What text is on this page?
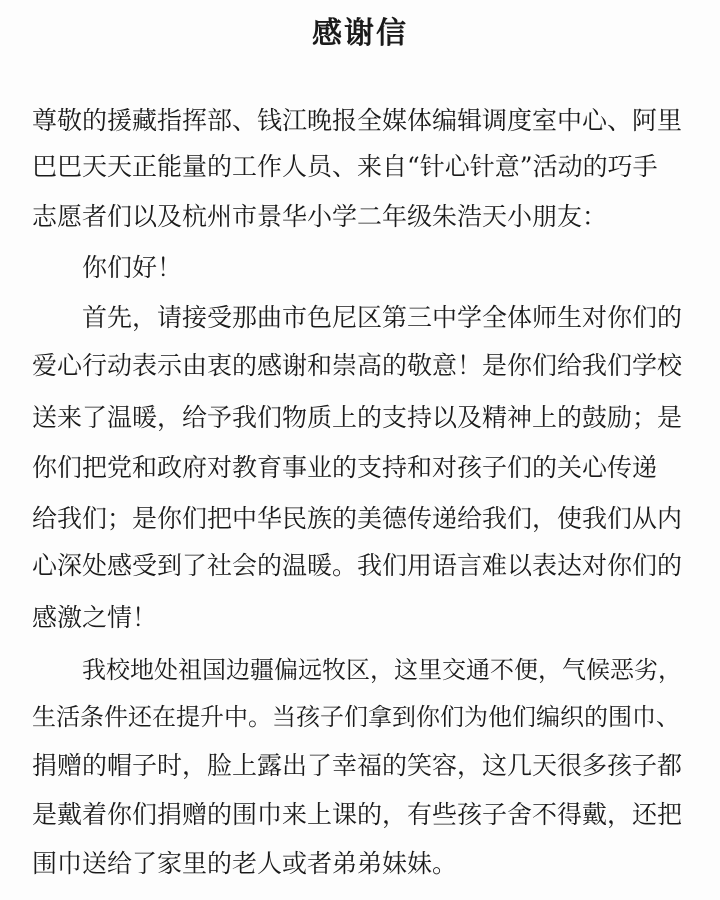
感谢信
尊敬的援藏指挥部、钱江晚报全媒体编辑调度室中心、阿里
巴巴天天正能量的工作人员、来自“针心针意”活动的巧手
志愿者们以及杭州市景华小学二年级朱浩天小朋友：
你们好！
首先，请接受那曲市色尼区第三中学全体师生对你们的
爱心行动表示由衷的感谢和崇高的敬意！是你们给我们学校
送来了温暖，给予我们物质上的支持以及精神上的鼓励；是
你们把党和政府对教育事业的支持和对孩子们的关心传递
给我们；是你们把中华民族的美德传递给我们，使我们从内
心深处感受到了社会的温暖。我们用语言难以表达对你们的
感激之情！
我校地处祖国边疆偏远牧区，这里交通不便，气候恶劣，
生活条件还在提升中。当孩子们拿到你们为他们编织的围巾、
捐赠的帽子时，脸上露出了幸福的笑容，这几天很多孩子都
是戴着你们捐赠的围巾来上课的，有些孩子舍不得戴，还把
围巾送给了家里的老人或者弟弟妹妹。
